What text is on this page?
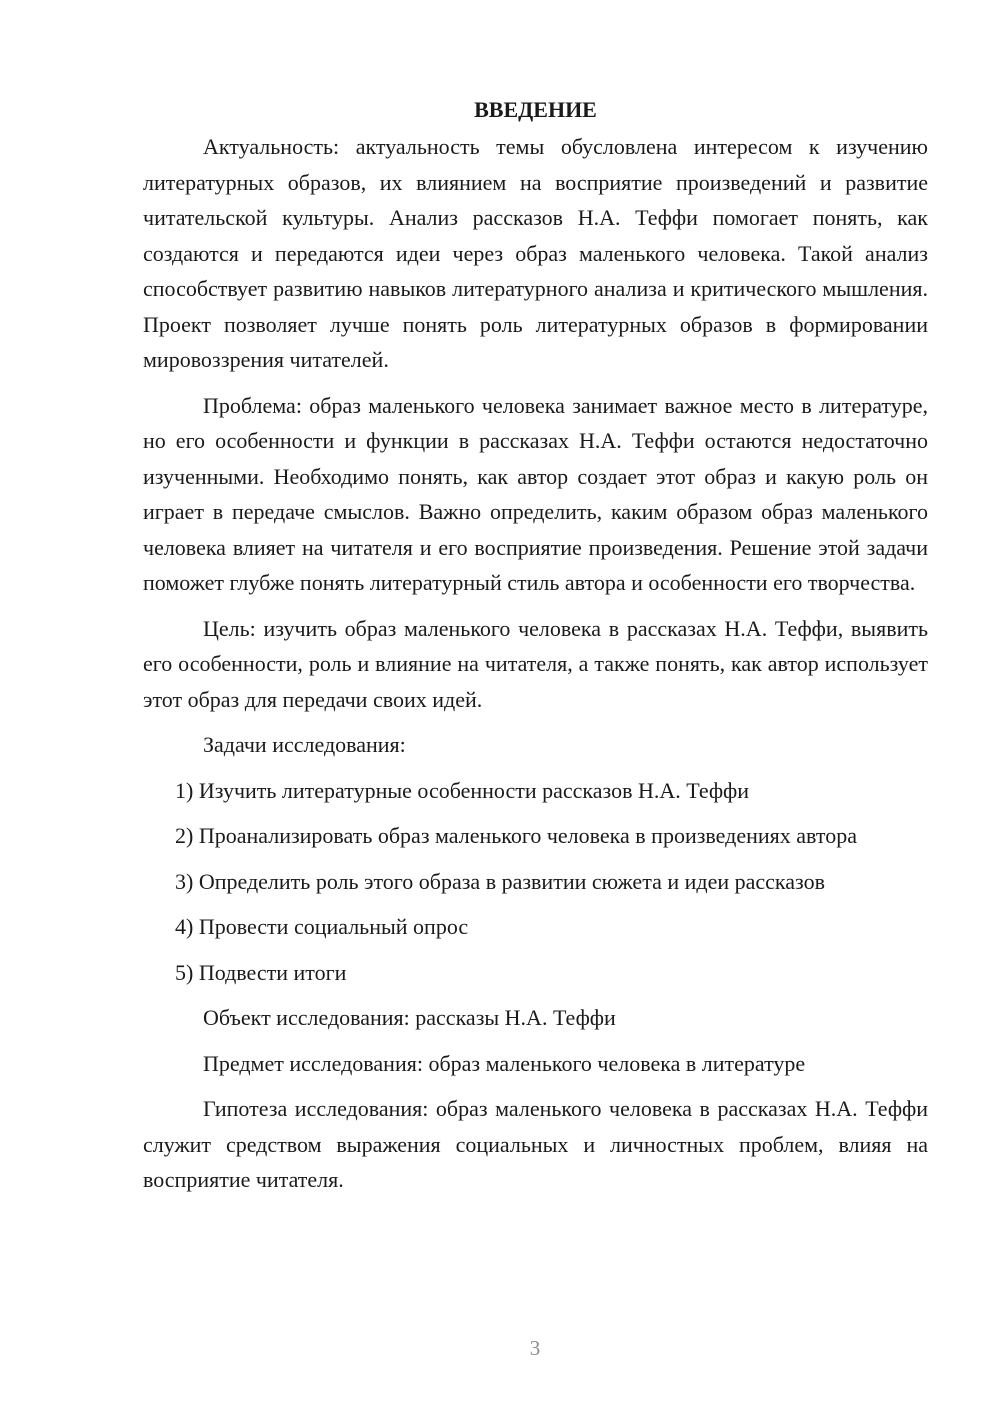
ВВЕДЕНИЕ

Актуальность: актуальность темы обусловлена интересом к изучению литературных образов, их влиянием на восприятие произведений и развитие читательской культуры. Анализ рассказов Н.А. Теффи помогает понять, как создаются и передаются идеи через образ маленького человека. Такой анализ способствует развитию навыков литературного анализа и критического мышления. Проект позволяет лучше понять роль литературных образов в формировании мировоззрения читателей.

Проблема: образ маленького человека занимает важное место в литературе, но его особенности и функции в рассказах Н.А. Теффи остаются недостаточно изученными. Необходимо понять, как автор создает этот образ и какую роль он играет в передаче смыслов. Важно определить, каким образом образ маленького человека влияет на читателя и его восприятие произведения. Решение этой задачи поможет глубже понять литературный стиль автора и особенности его творчества.

Цель: изучить образ маленького человека в рассказах Н.А. Теффи, выявить его особенности, роль и влияние на читателя, а также понять, как автор использует этот образ для передачи своих идей.

Задачи исследования:

1) Изучить литературные особенности рассказов Н.А. Теффи

2) Проанализировать образ маленького человека в произведениях автора

3) Определить роль этого образа в развитии сюжета и идеи рассказов

4) Провести социальный опрос

5) Подвести итоги

Объект исследования: рассказы Н.А. Теффи

Предмет исследования: образ маленького человека в литературе

Гипотеза исследования: образ маленького человека в рассказах Н.А. Теффи служит средством выражения социальных и личностных проблем, влияя на восприятие читателя.

3
